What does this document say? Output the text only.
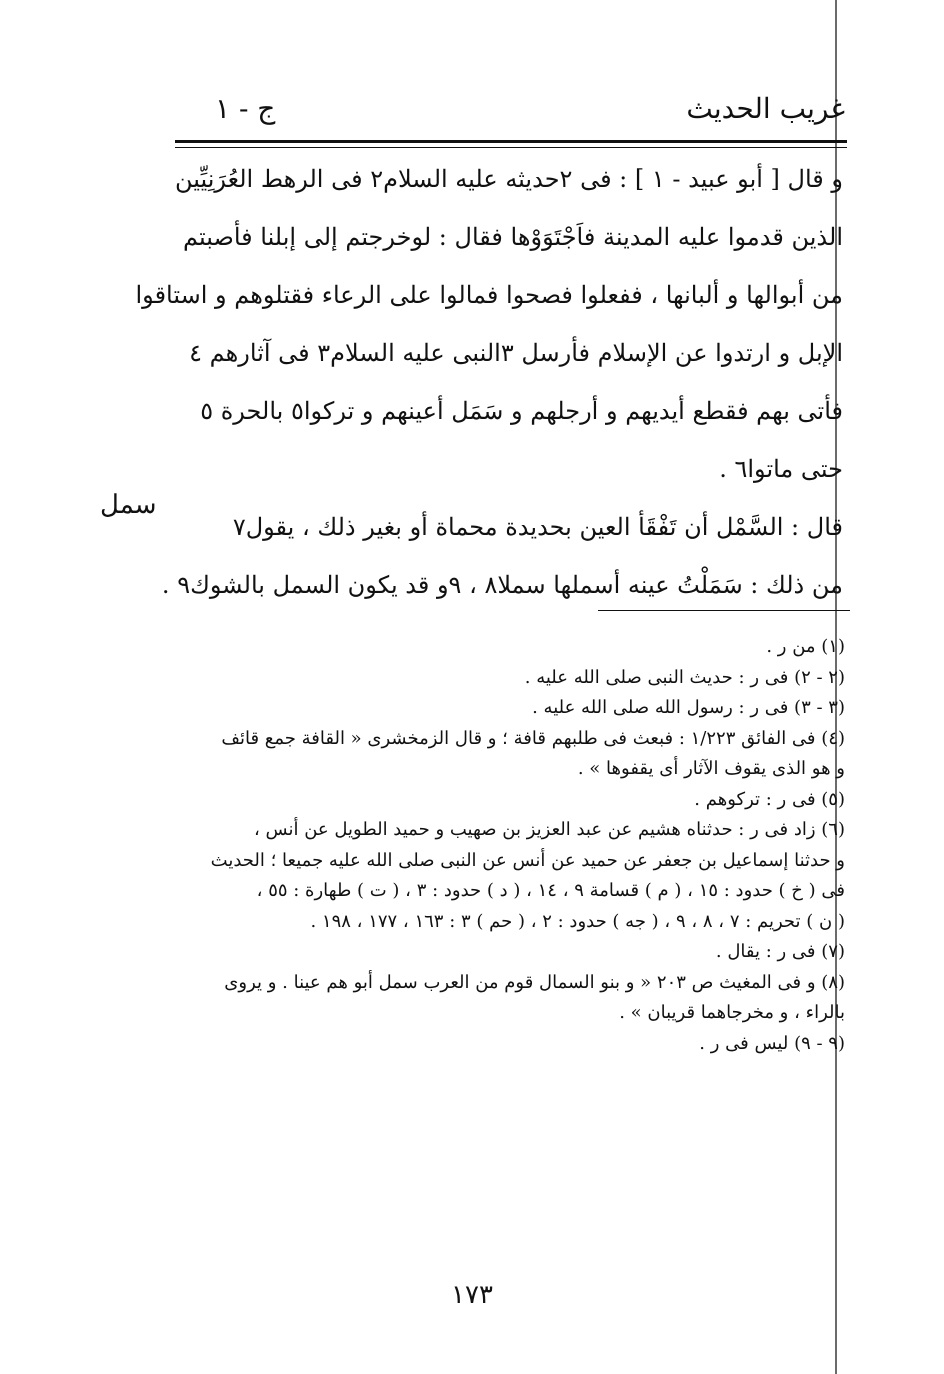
غريب الحديث
ج - ١
و قال [ أبو عبيد - ١ ] : فى ٢حديثه عليه السلام٢ فى الرهط العُرَنِيِّين
الذين قدموا عليه المدينة فاَجْتَوَوْها فقال : لوخرجتم إلى إبلنا فأصبتم
من أبوالها و ألبانها ، ففعلوا فصحوا فمالوا على الرعاء فقتلوهم و استاقوا
الإبل و ارتدوا عن الإسلام فأرسل ٣النبى عليه السلام٣ فى آثارهم ٤
فأتى بهم فقطع أيديهم و أرجلهم و سَمَل أعينهم و تركوا٥ بالحرة ٥
حتى ماتوا٦ .
قال : السَّمْل أن تَفْقَأ العين بحديدة محماة أو بغير ذلك ، يقول٧
من ذلك : سَمَلْتُ عينه أسملها سملا٨ ، ٩و قد يكون السمل بالشوك٩ .
سمل
(١) من ر .
(٢ - ٢) فى ر : حديث النبى صلى الله عليه .
(٣ - ٣) فى ر : رسول الله صلى الله عليه .
(٤) فى الفائق ١/٢٢٣ : فبعث فى طلبهم قافة ؛ و قال الزمخشرى « القافة جمع قائف
و هو الذى يقوف الآثار أى يقفوها » .
(٥) فى ر : تركوهم .
(٦) زاد فى ر : حدثناه هشيم عن عبد العزيز بن صهيب و حميد الطويل عن أنس ،
و حدثنا إسماعيل بن جعفر عن حميد عن أنس عن النبى صلى الله عليه جميعا ؛ الحديث
فى ( خ ) حدود : ١٥ ، ( م ) قسامة ٩ ، ١٤ ، ( د ) حدود : ٣ ، ( ت ) طهارة : ٥٥ ،
( ن ) تحريم : ٧ ، ٨ ، ٩ ، ( جه ) حدود : ٢ ، ( حم ) ٣ : ١٦٣ ، ١٧٧ ، ١٩٨ .
(٧) فى ر : يقال .
(٨) و فى المغيث ص ٢٠٣ « و بنو السمال قوم من العرب سمل أبو هم عينا . و يروى
بالراء ، و مخرجاهما قريبان » .
(٩ - ٩) ليس فى ر .
١٧٣
